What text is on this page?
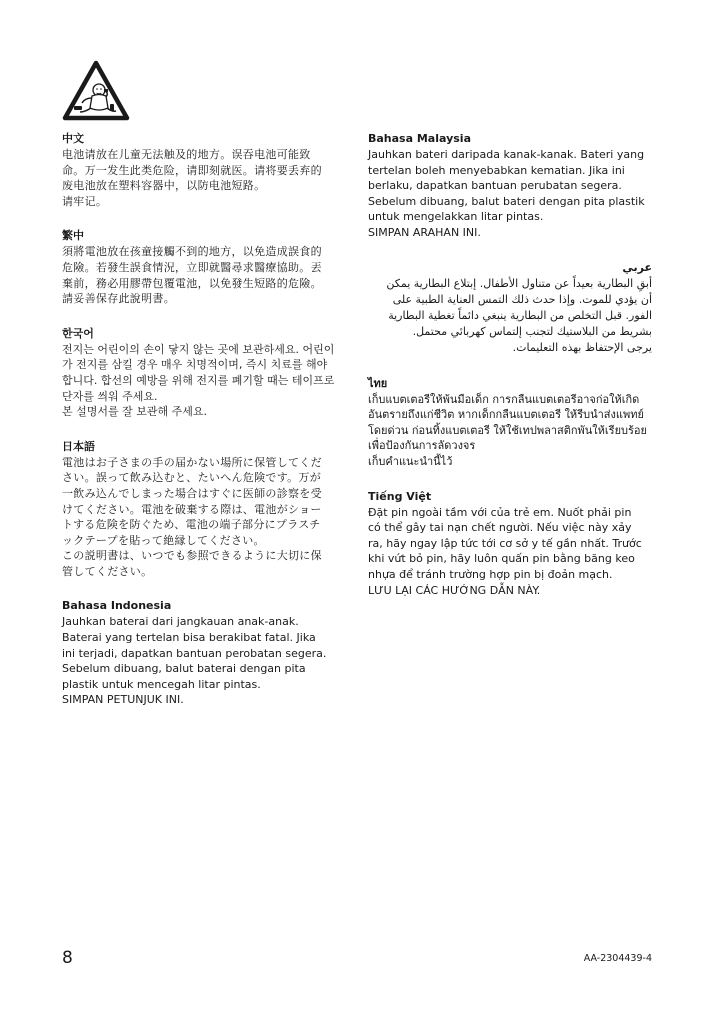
中文

电池请放在儿童无法触及的地方。误吞电池可能致
命。万一发生此类危险，请即刻就医。请将要丢弃的
废电池放在塑料容器中，以防电池短路。
请牢记。

繁中

須將電池放在孩童接觸不到的地方，以免造成誤食的
危險。若發生誤食情況，立即就醫尋求醫療協助。丟
棄前，務必用膠帶包覆電池，以免發生短路的危險。
請妥善保存此說明書。

한국어

전지는 어린이의 손이 닿지 않는 곳에 보관하세요. 어린이
가 전지를 삼킬 경우 매우 치명적이며, 즉시 치료를 해야
합니다. 합선의 예방을 위해 전지를 폐기할 때는 테이프로
단자를 씌워 주세요.
본 설명서를 잘 보관해 주세요.

日本語

電池はお子さまの手の届かない場所に保管してくだ
さい。誤って飲み込むと、たいへん危険です。万が
一飲み込んでしまった場合はすぐに医師の診察を受
けてください。電池を破棄する際は、電池がショー
トする危険を防ぐため、電池の端子部分にプラスチ
ックテープを貼って絶縁してください。
この説明書は、いつでも参照できるように大切に保
管してください。

Bahasa Indonesia

Jauhkan baterai dari jangkauan anak-anak.
Baterai yang tertelan bisa berakibat fatal. Jika
ini terjadi, dapatkan bantuan perobatan segera.
Sebelum dibuang, balut baterai dengan pita
plastik untuk mencegah litar pintas.
SIMPAN PETUNJUK INI.

Bahasa Malaysia

Jauhkan bateri daripada kanak-kanak. Bateri yang
tertelan boleh menyebabkan kematian. Jika ini
berlaku, dapatkan bantuan perubatan segera.
Sebelum dibuang, balut bateri dengan pita plastik
untuk mengelakkan litar pintas.
SIMPAN ARAHAN INI.

عربي

أبقِ البطارية بعيداً عن متناول الأطفال. إبتلاع البطارية يمكن
أن يؤدي للموت. وإذا حدث ذلك التمس العناية الطبية على
الفور. قبل التخلص من البطارية ينبغي دائماً تغطية البطارية
بشريط من البلاستيك لتجنب إلتماس كهربائي محتمل.
يرجى الإحتفاظ بهذه التعليمات.

ไทย

เก็บแบตเตอรีให้พ้นมือเด็ก การกลืนแบตเตอรีอาจก่อให้เกิด
อันตรายถึงแก่ชีวิต หากเด็กกลืนแบตเตอรี ให้รีบนำส่งแพทย์
โดยด่วน ก่อนทิ้งแบตเตอรี ให้ใช้เทปพลาสติกพันให้เรียบร้อย
เพื่อป้องกันการลัดวงจร
เก็บคำแนะนำนี้ไว้

Tiếng Việt

Đặt pin ngoài tầm với của trẻ em. Nuốt phải pin
có thể gây tai nạn chết người. Nếu việc này xảy
ra, hãy ngay lập tức tới cơ sở y tế gần nhất. Trước
khi vứt bỏ pin, hãy luôn quấn pin bằng băng keo
nhựa để tránh trường hợp pin bị đoản mạch.
LƯU LẠI CÁC HƯỚNG DẪN NÀY.

8	AA-2304439-4
